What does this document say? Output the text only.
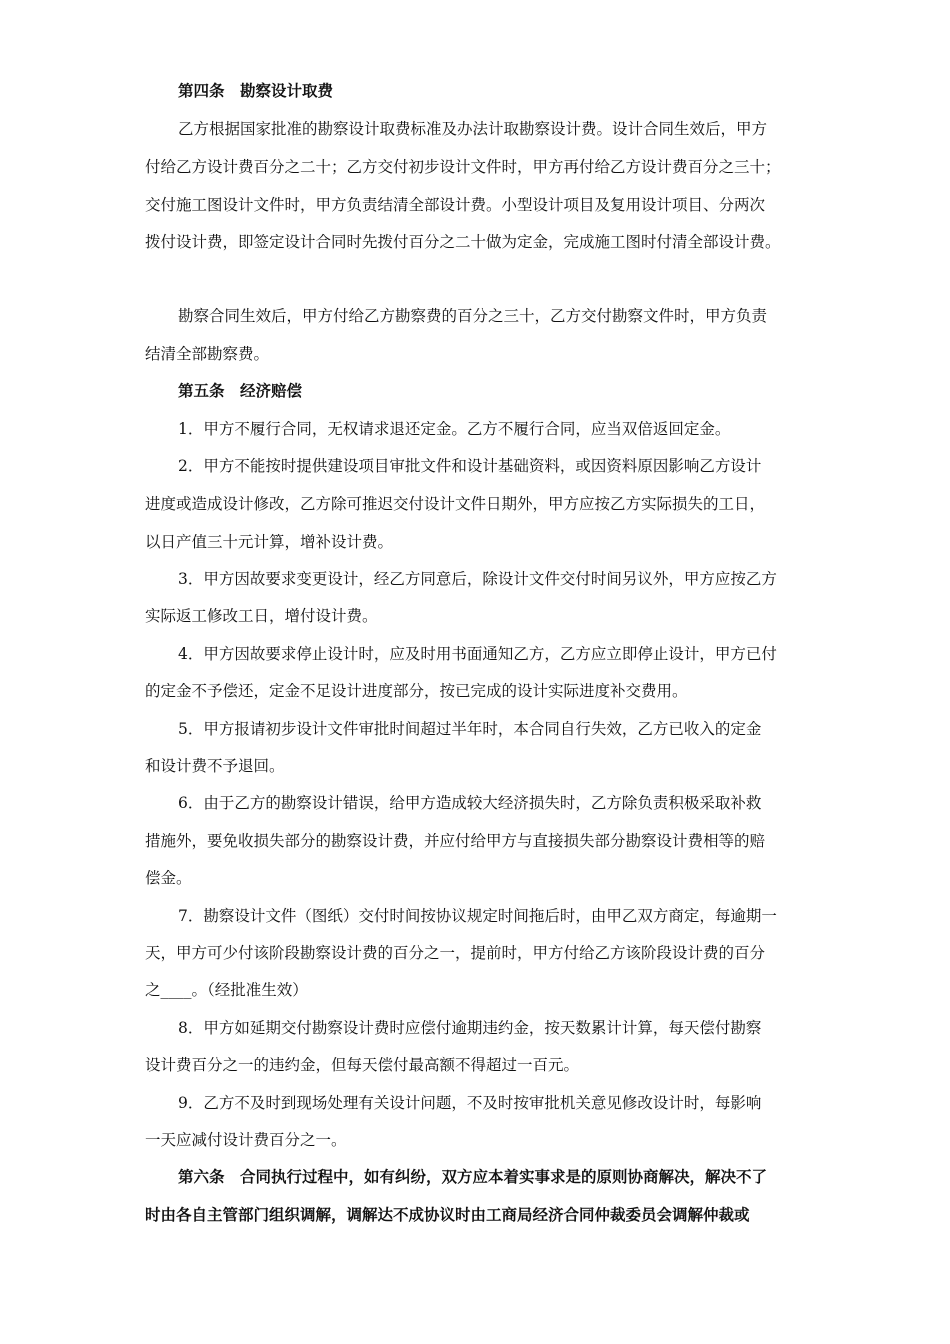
第四条　勘察设计取费
乙方根据国家批准的勘察设计取费标准及办法计取勘察设计费。设计合同生效后，甲方
付给乙方设计费百分之二十；乙方交付初步设计文件时，甲方再付给乙方设计费百分之三十；
交付施工图设计文件时，甲方负责结清全部设计费。小型设计项目及复用设计项目、分两次
拨付设计费，即签定设计合同时先拨付百分之二十做为定金，完成施工图时付清全部设计费。
勘察合同生效后，甲方付给乙方勘察费的百分之三十，乙方交付勘察文件时，甲方负责
结清全部勘察费。
第五条　经济赔偿
1．甲方不履行合同，无权请求退还定金。乙方不履行合同，应当双倍返回定金。
2．甲方不能按时提供建设项目审批文件和设计基础资料，或因资料原因影响乙方设计
进度或造成设计修改，乙方除可推迟交付设计文件日期外，甲方应按乙方实际损失的工日，
以日产值三十元计算，增补设计费。
3．甲方因故要求变更设计，经乙方同意后，除设计文件交付时间另议外，甲方应按乙方
实际返工修改工日，增付设计费。
4．甲方因故要求停止设计时，应及时用书面通知乙方，乙方应立即停止设计，甲方已付
的定金不予偿还，定金不足设计进度部分，按已完成的设计实际进度补交费用。
5．甲方报请初步设计文件审批时间超过半年时，本合同自行失效，乙方已收入的定金
和设计费不予退回。
6．由于乙方的勘察设计错误，给甲方造成较大经济损失时，乙方除负责积极采取补救
措施外，要免收损失部分的勘察设计费，并应付给甲方与直接损失部分勘察设计费相等的赔
偿金。
7．勘察设计文件（图纸）交付时间按协议规定时间拖后时，由甲乙双方商定，每逾期一
天，甲方可少付该阶段勘察设计费的百分之一，提前时，甲方付给乙方该阶段设计费的百分
之____。（经批准生效）
8．甲方如延期交付勘察设计费时应偿付逾期违约金，按天数累计计算，每天偿付勘察
设计费百分之一的违约金，但每天偿付最高额不得超过一百元。
9．乙方不及时到现场处理有关设计问题，不及时按审批机关意见修改设计时，每影响
一天应减付设计费百分之一。
第六条　合同执行过程中，如有纠纷，双方应本着实事求是的原则协商解决，解决不了
时由各自主管部门组织调解，调解达不成协议时由工商局经济合同仲裁委员会调解仲裁或
